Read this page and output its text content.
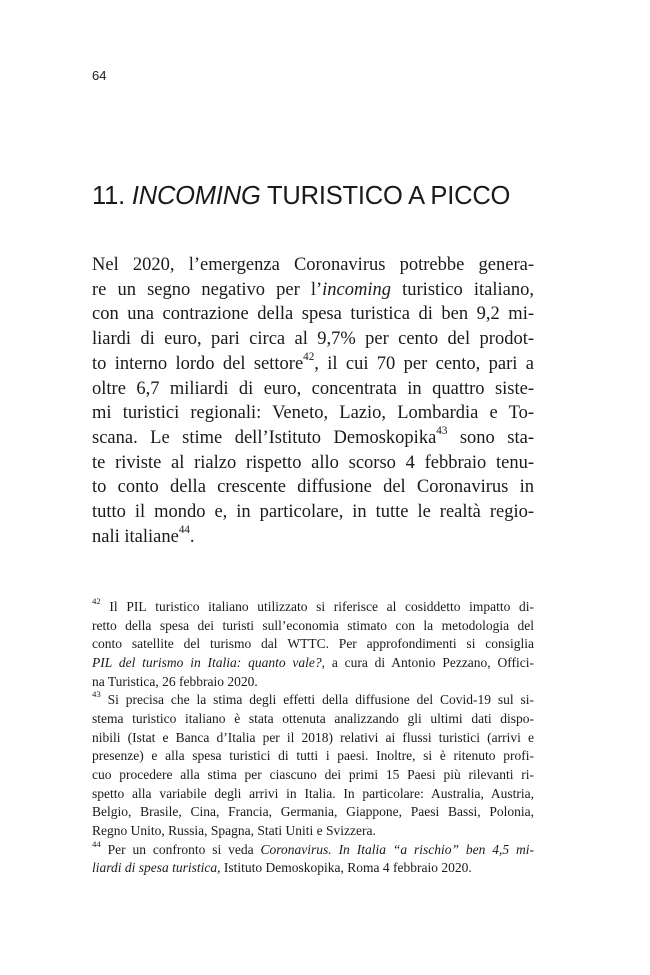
64
11. INCOMING TURISTICO A PICCO
Nel 2020, l’emergenza Coronavirus potrebbe genera-
re un segno negativo per l’incoming turistico italiano,
con una contrazione della spesa turistica di ben 9,2 mi-
liardi di euro, pari circa al 9,7% per cento del prodot-
to interno lordo del settore$^{42}$, il cui 70 per cento, pari a
oltre 6,7 miliardi di euro, concentrata in quattro siste-
mi turistici regionali: Veneto, Lazio, Lombardia e To-
scana. Le stime dell’Istituto Demoskopika$^{43}$ sono sta-
te riviste al rialzo rispetto allo scorso 4 febbraio tenu-
to conto della crescente diffusione del Coronavirus in
tutto il mondo e, in particolare, in tutte le realtà regio-
nali italiane$^{44}$.
$^{42}$ Il PIL turistico italiano utilizzato si riferisce al cosiddetto impatto di-
retto della spesa dei turisti sull’economia stimato con la metodologia del
conto satellite del turismo dal WTTC. Per approfondimenti si consiglia
PIL del turismo in Italia: quanto vale?, a cura di Antonio Pezzano, Offici-
na Turistica, 26 febbraio 2020.
$^{43}$ Si precisa che la stima degli effetti della diffusione del Covid-19 sul si-
stema turistico italiano è stata ottenuta analizzando gli ultimi dati dispo-
nibili (Istat e Banca d’Italia per il 2018) relativi ai flussi turistici (arrivi e
presenze) e alla spesa turistici di tutti i paesi. Inoltre, si è ritenuto profi-
cuo procedere alla stima per ciascuno dei primi 15 Paesi più rilevanti ri-
spetto alla variabile degli arrivi in Italia. In particolare: Australia, Austria,
Belgio, Brasile, Cina, Francia, Germania, Giappone, Paesi Bassi, Polonia,
Regno Unito, Russia, Spagna, Stati Uniti e Svizzera.
$^{44}$ Per un confronto si veda Coronavirus. In Italia “a rischio” ben 4,5 mi-
liardi di spesa turistica, Istituto Demoskopika, Roma 4 febbraio 2020.
